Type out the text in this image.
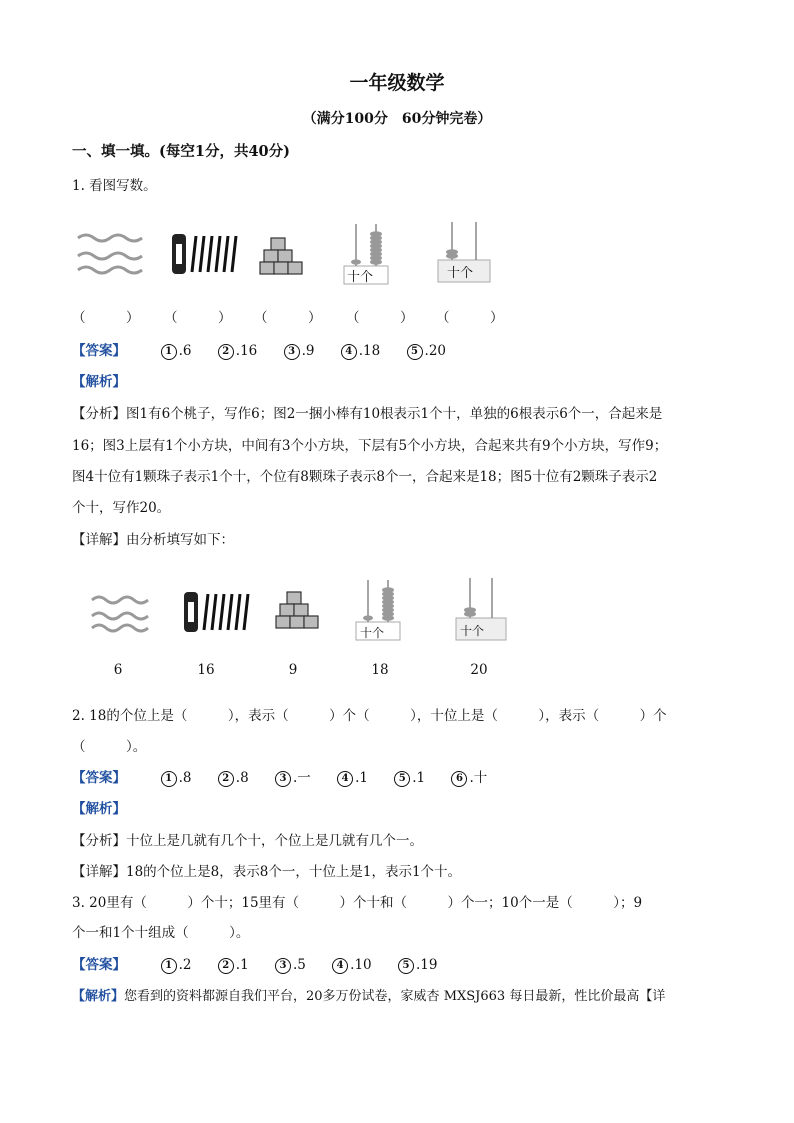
一年级数学
（满分100分　60分钟完卷）
一、填一填。(每空1分，共40分)
1. 看图写数。
十个	十个
（　　　） （　　　） （　　　） （　　　） （　　　）
【答案】	1 .6	2 .16	3 .9	4 .18	5 .20
【解析】
【分析】图1有6个桃子，写作6；图2一捆小棒有10根表示1个十，单独的6根表示6个一，合起来是
16；图3上层有1个小方块，中间有3个小方块，下层有5个小方块，合起来共有9个小方块，写作9；
图4十位有1颗珠子表示1个十，个位有8颗珠子表示8个一，合起来是18；图5十位有2颗珠子表示2
个十，写作20。
【详解】由分析填写如下：
十个	十个
6	16	9	18	20
2. 18的个位上是（　　　），表示（　　　）个（　　　），十位上是（　　　），表示（　　　）个
（　　　）。
【答案】	1 .8	2 .8	3 .一	4 .1	5 .1	6 .十
【解析】
【分析】十位上是几就有几个十，个位上是几就有几个一。
【详解】18的个位上是8，表示8个一，十位上是1，表示1个十。
3. 20里有（　　　）个十；15里有（　　　）个十和（　　　）个一；10个一是（　　　）；9
个一和1个十组成（　　　）。
【答案】	1 .2	2 .1	3 .5	4 .10	5 .19
【解析】您看到的资料都源自我们平台，20多万份试卷，家威杏 MXSJ663 每日最新，性比价最高【详
